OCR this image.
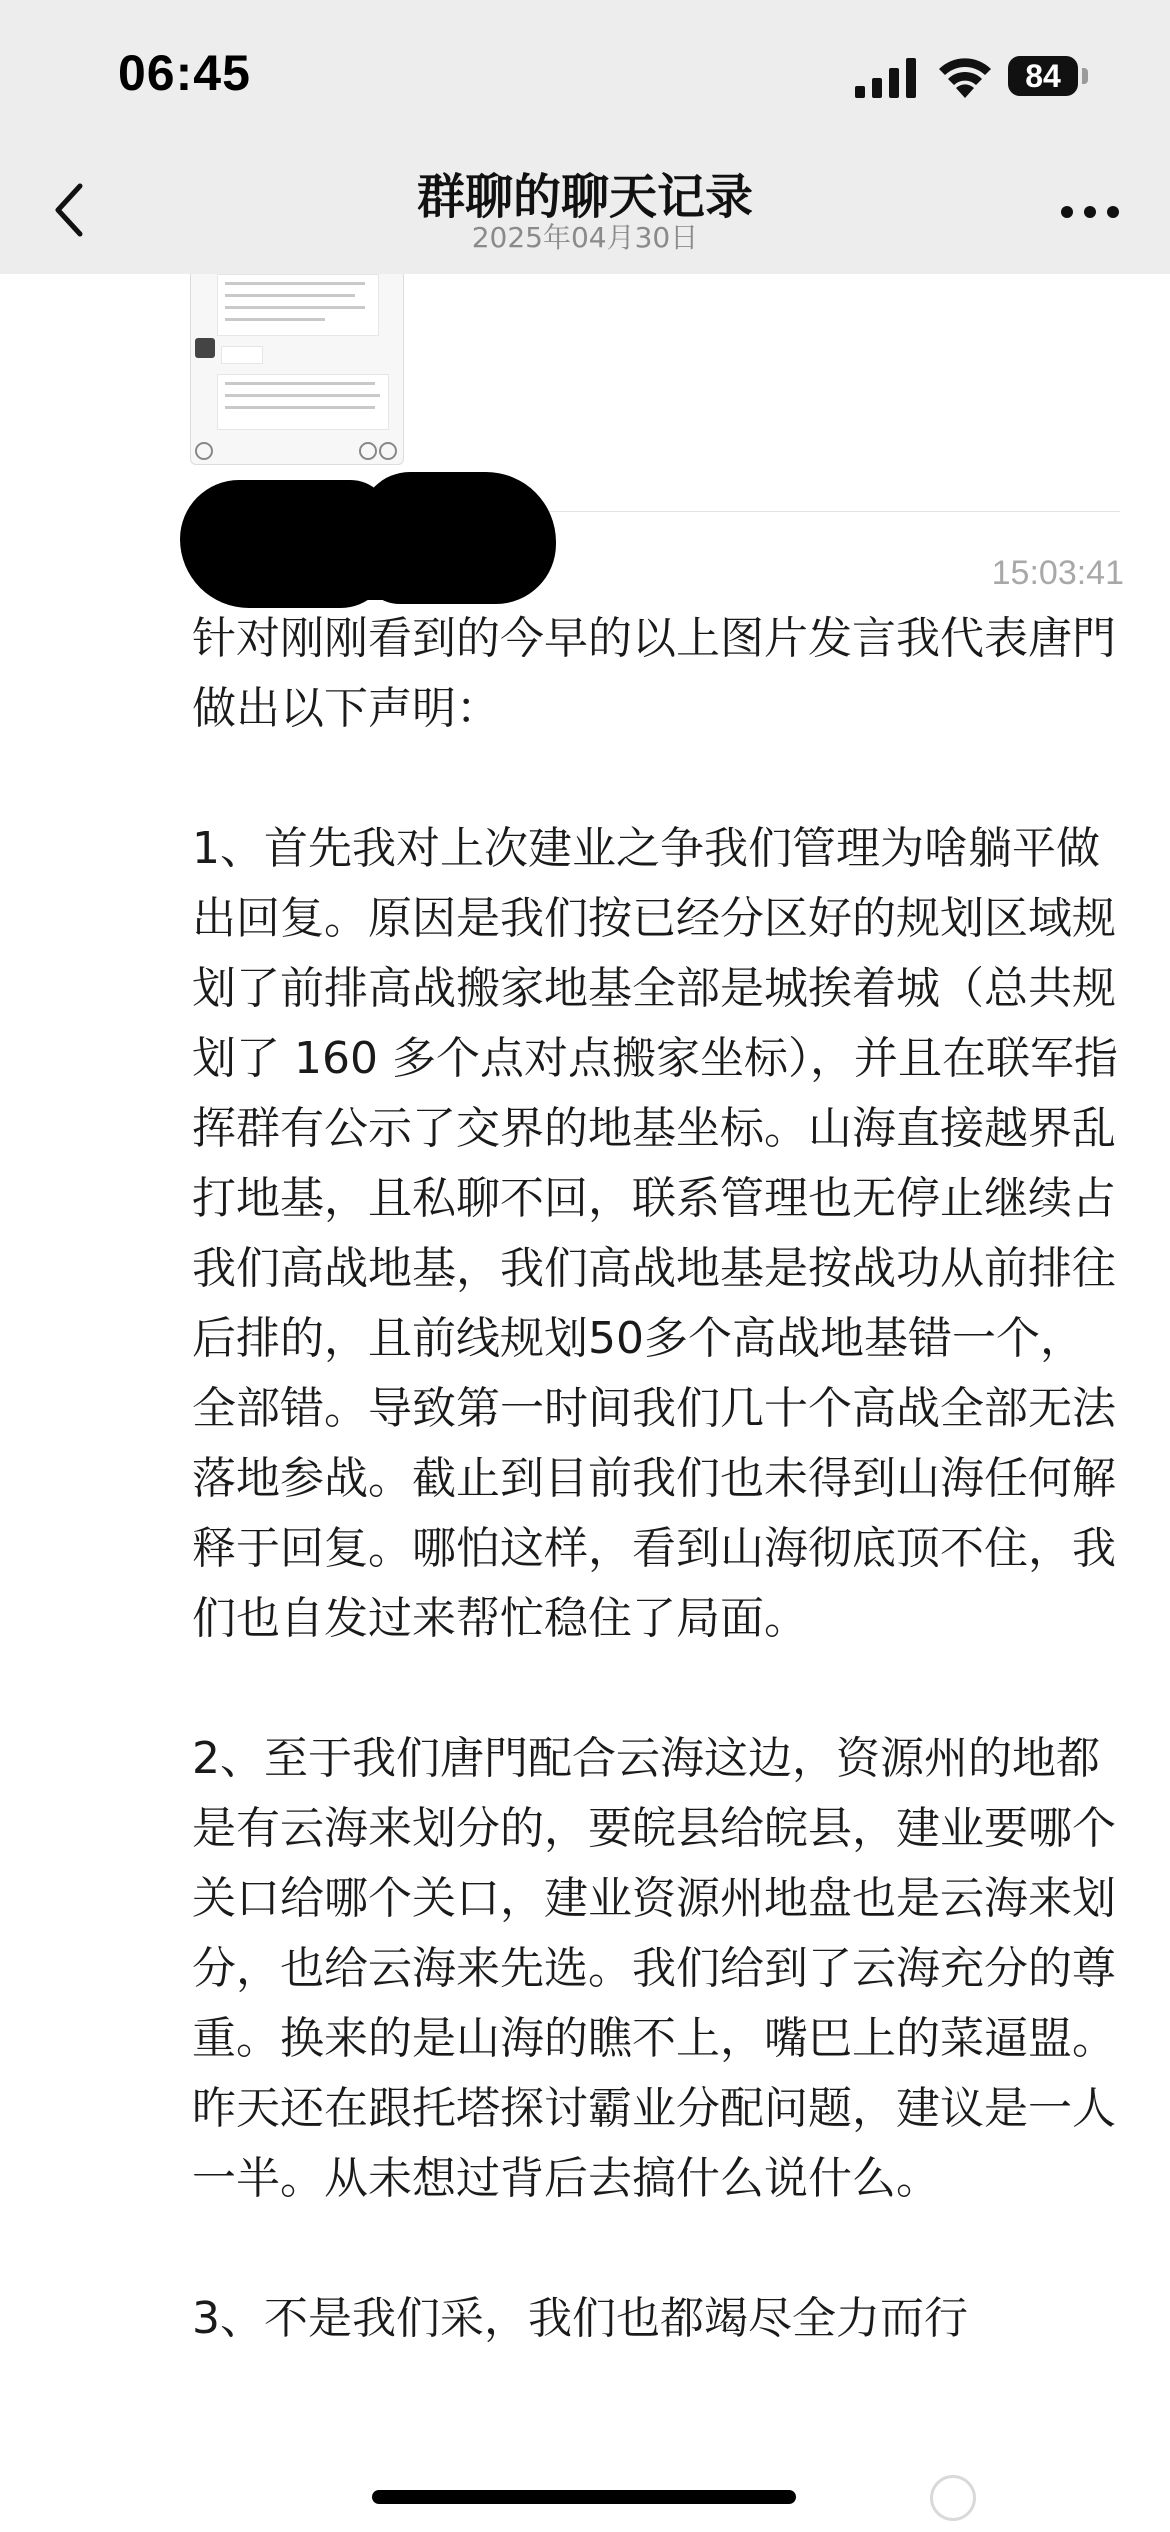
06:45	84
群聊的聊天记录
2025年04月30日
15:03:41

针对刚刚看到的今早的以上图片发言我代表唐門做出以下声明：

1、首先我对上次建业之争我们管理为啥躺平做出回复。原因是我们按已经分区好的规划区域规划了前排高战搬家地基全部是城挨着城（总共规划了 160 多个点对点搬家坐标），并且在联军指挥群有公示了交界的地基坐标。山海直接越界乱打地基，且私聊不回，联系管理也无停止继续占我们高战地基，我们高战地基是按战功从前排往后排的，且前线规划50多个高战地基错一个，全部错。导致第一时间我们几十个高战全部无法落地参战。截止到目前我们也未得到山海任何解释于回复。哪怕这样，看到山海彻底顶不住，我们也自发过来帮忙稳住了局面。

2、至于我们唐門配合云海这边，资源州的地都是有云海来划分的，要皖县给皖县，建业要哪个关口给哪个关口，建业资源州地盘也是云海来划分，也给云海来先选。我们给到了云海充分的尊重。换来的是山海的瞧不上，嘴巴上的菜逼盟。昨天还在跟托塔探讨霸业分配问题，建议是一人一半。从未想过背后去搞什么说什么。

3、不是我们采，我们也都竭尽全力而行
